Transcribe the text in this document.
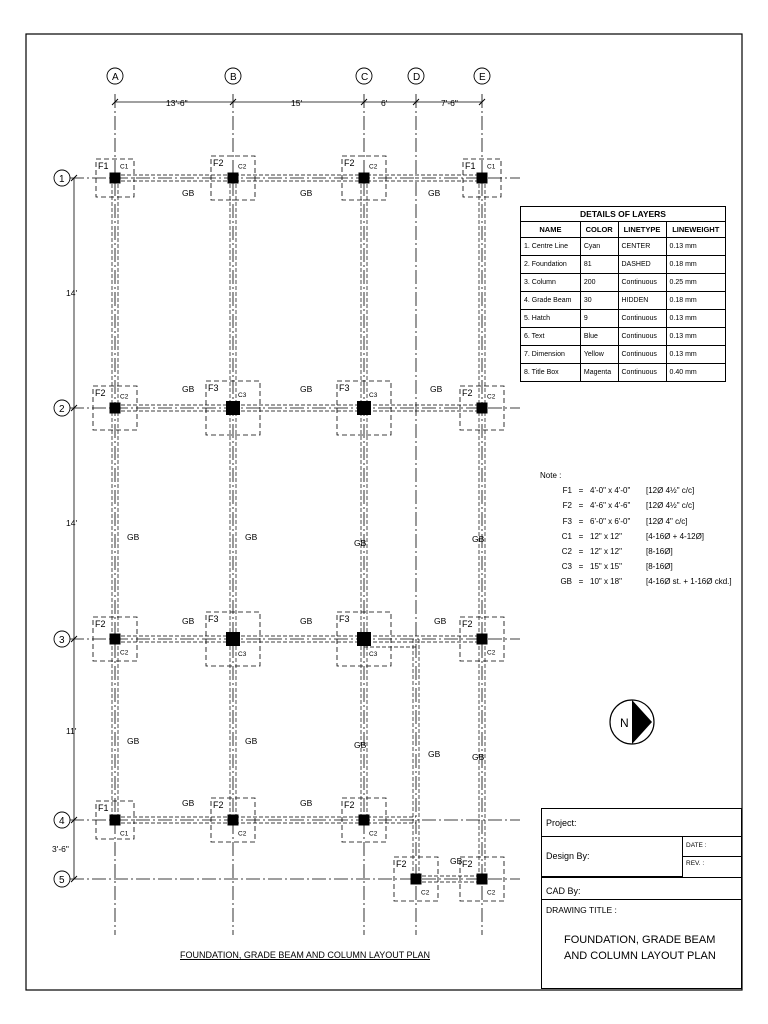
GB	GB	GB
GB	GB	GB
GB	GB	GB
GB	GB
GB
GB	GB
GB	GB
GB	GB	GB
GB
GB
F1 C1	F2 C2	F2 C2	F1 C1
F2 C2
F3
C3
F3
C3	F2 C2
F2
C2
F3
C3
F3
C3
F2
C2
F1
C1
F2
C2
F2
C2
F2
C2
F2
C2
A	B	C	D	E
1
2
3
4
5
13'-6"	15'	6'	7'-6"
14'
14'
11'
3'-6"
N
DETAILS OF LAYERS			
NAME	COLOR	LINETYPE	LINEWEIGHT
1. Centre Line	Cyan	CENTER	0.13 mm
2. Foundation	81	DASHED	0.18 mm
3. Column	200	Continuous	0.25 mm
4. Grade Beam	30	HIDDEN	0.18 mm
5. Hatch	9	Continuous	0.13 mm
6. Text	Blue	Continuous	0.13 mm
7. Dimension	Yellow	Continuous	0.13 mm
8. Title Box	Magenta	Continuous	0.40 mm
Note :
F1 = 4'-0" x 4'-0"	[12Ø 4½" c/c]
F2 = 4'-6" x 4'-6"	[12Ø 4½" c/c]
F3 = 6'-0" x 6'-0"	[12Ø 4" c/c]
C1 = 12" x 12"	[4-16Ø + 4-12Ø]
C2 = 12" x 12"	[8-16Ø]
C3 = 15" x 15"	[8-16Ø]
GB = 10" x 18"	[4-16Ø st. + 1-16Ø ckd.]
Project:
Design By:
DATE :
REV. :
CAD By:
DRAWING TITLE :
FOUNDATION, GRADE BEAM
AND COLUMN LAYOUT PLAN
FOUNDATION, GRADE BEAM AND COLUMN LAYOUT PLAN
